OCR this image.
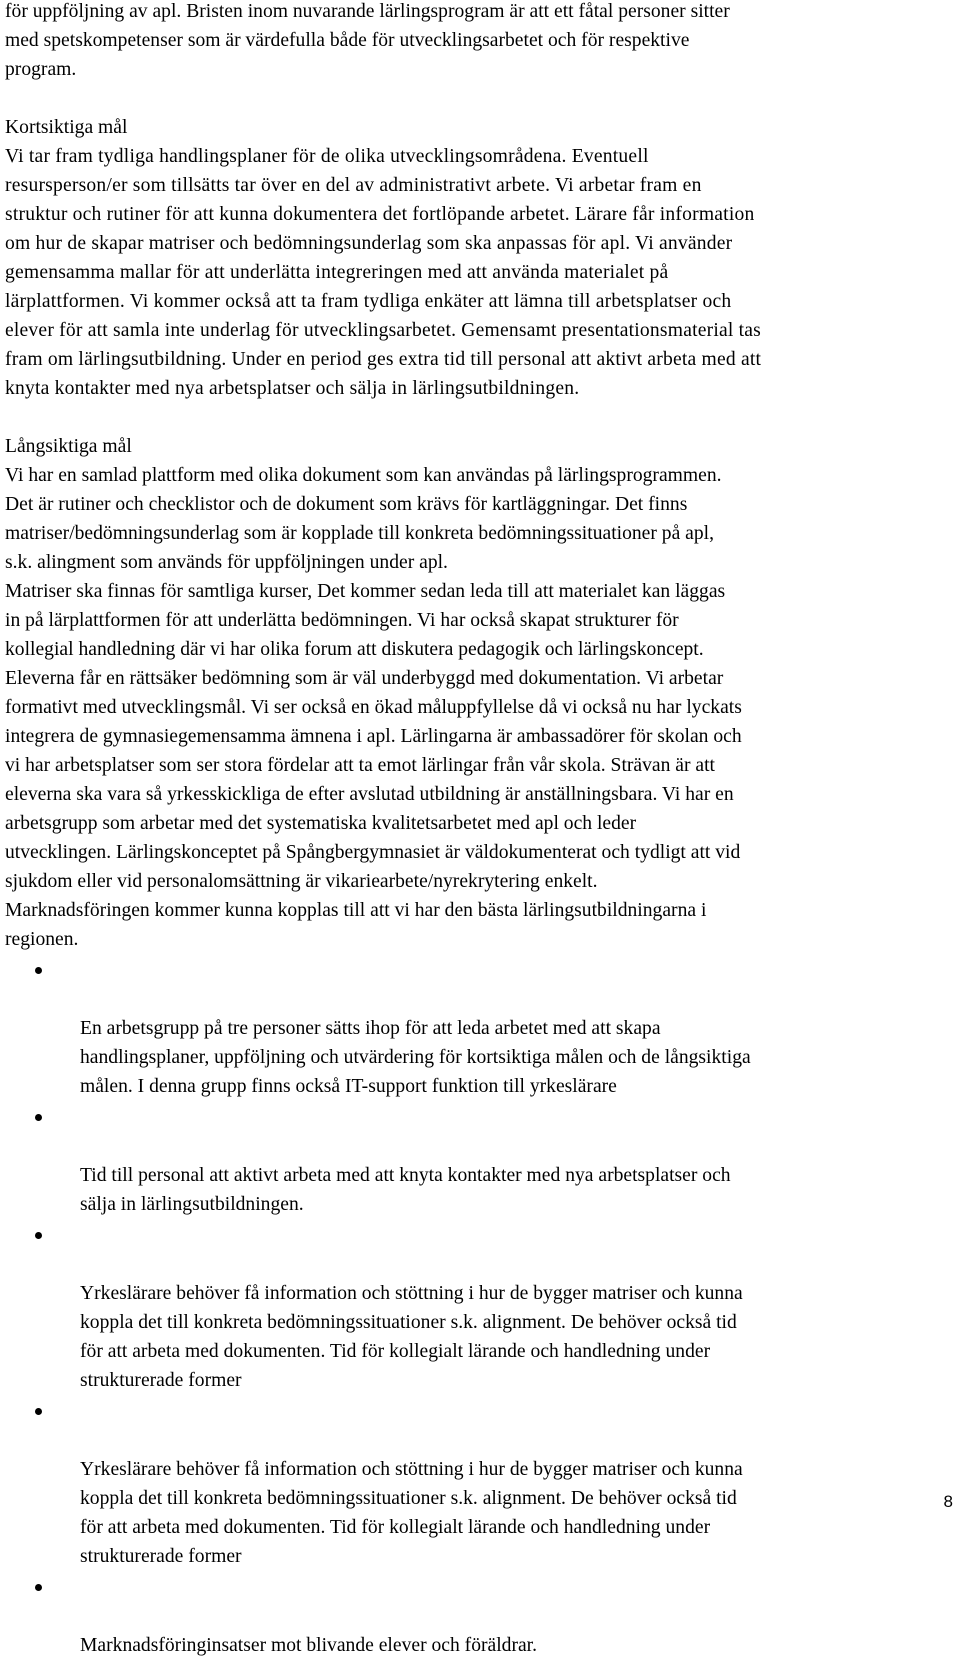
för uppföljning av apl. Bristen inom nuvarande lärlingsprogram är att ett fåtal personer sitter
med spetskompetenser som är värdefulla både för utvecklingsarbetet och för respektive
program.

Kortsiktiga mål

Vi tar fram tydliga handlingsplaner för de olika utvecklingsområdena. Eventuell
resursperson/er som tillsätts tar över en del av administrativt arbete. Vi arbetar fram en
struktur och rutiner för att kunna dokumentera det fortlöpande arbetet. Lärare får information
om hur de skapar matriser och bedömningsunderlag som ska anpassas för apl. Vi använder
gemensamma mallar för att underlätta integreringen med att använda materialet på
lärplattformen. Vi kommer också att ta fram tydliga enkäter att lämna till arbetsplatser och
elever för att samla inte underlag för utvecklingsarbetet. Gemensamt presentationsmaterial tas
fram om lärlingsutbildning. Under en period ges extra tid till personal att aktivt arbeta med att
knyta kontakter med nya arbetsplatser och sälja in lärlingsutbildningen.

Långsiktiga mål

Vi har en samlad plattform med olika dokument som kan användas på lärlingsprogrammen.
Det är rutiner och checklistor och de dokument som krävs för kartläggningar. Det finns
matriser/bedömningsunderlag som är kopplade till konkreta bedömningssituationer på apl,
s.k. alingment som används för uppföljningen under apl.

Matriser ska finnas för samtliga kurser, Det kommer sedan leda till att materialet kan läggas
in på lärplattformen för att underlätta bedömningen. Vi har också skapat strukturer för
kollegial handledning där vi har olika forum att diskutera pedagogik och lärlingskoncept.
Eleverna får en rättsäker bedömning som är väl underbyggd med dokumentation. Vi arbetar
formativt med utvecklingsmål. Vi ser också en ökad måluppfyllelse då vi också nu har lyckats
integrera de gymnasiegemensamma ämnena i apl. Lärlingarna är ambassadörer för skolan och
vi har arbetsplatser som ser stora fördelar att ta emot lärlingar från vår skola. Strävan är att
eleverna ska vara så yrkesskickliga de efter avslutad utbildning är anställningsbara. Vi har en
arbetsgrupp som arbetar med det systematiska kvalitetsarbetet med apl och leder
utvecklingen. Lärlingskonceptet på Spångbergymnasiet är väldokumenterat och tydligt att vid
sjukdom eller vid personalomsättning är vikariearbete/nyrekrytering enkelt.
Marknadsföringen kommer kunna kopplas till att vi har den bästa lärlingsutbildningarna i
regionen.

En arbetsgrupp på tre personer sätts ihop för att leda arbetet med att skapa
handlingsplaner, uppföljning och utvärdering för kortsiktiga målen och de långsiktiga
målen. I denna grupp finns också IT-support funktion till yrkeslärare

Tid till personal att aktivt arbeta med att knyta kontakter med nya arbetsplatser och
sälja in lärlingsutbildningen.

Yrkeslärare behöver få information och stöttning i hur de bygger matriser och kunna
koppla det till konkreta bedömningssituationer s.k. alignment. De behöver också tid
för att arbeta med dokumenten. Tid för kollegialt lärande och handledning under
strukturerade former

Yrkeslärare behöver få information och stöttning i hur de bygger matriser och kunna
koppla det till konkreta bedömningssituationer s.k. alignment. De behöver också tid
för att arbeta med dokumenten. Tid för kollegialt lärande och handledning under
strukturerade former

Marknadsföringinsatser mot blivande elever och föräldrar.

8
